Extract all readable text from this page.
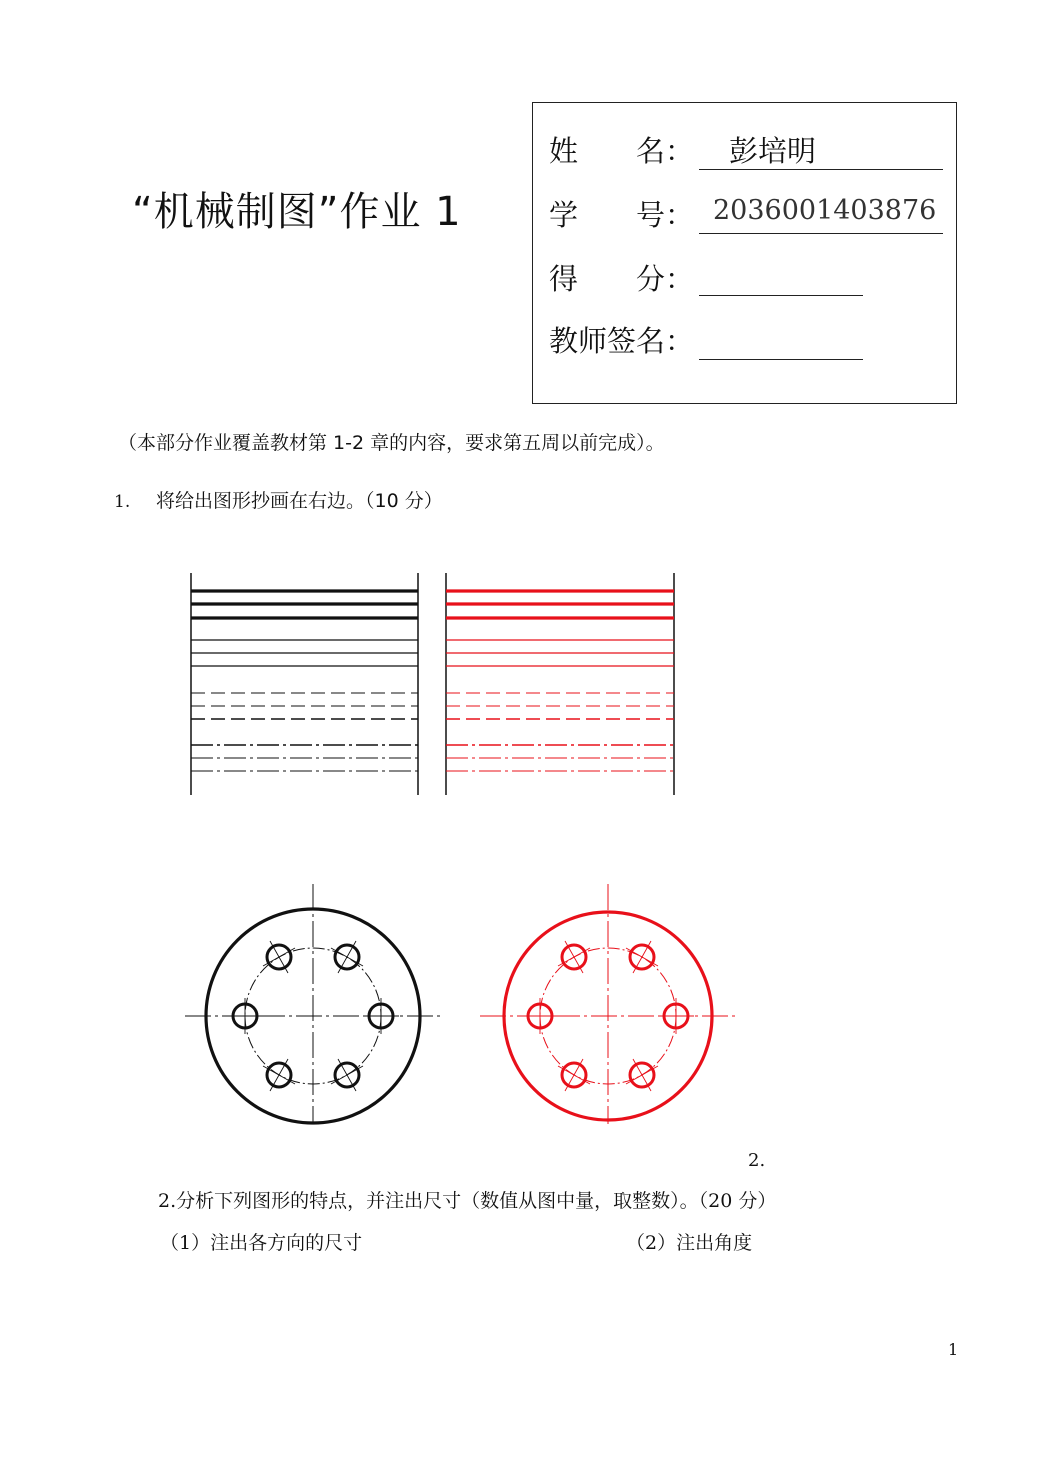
“机械制图”作业 1
姓　　名： 彭培明
学　　号： 2036001403876
得　　分：
教师签名：
（本部分作业覆盖教材第 1-2 章的内容，要求第五周以前完成）。
1. 将给出图形抄画在右边。（10 分）
2.
2.分析下列图形的特点，并注出尺寸（数值从图中量，取整数）。（20 分）
（1）注出各方向的尺寸	（2）注出角度
1
